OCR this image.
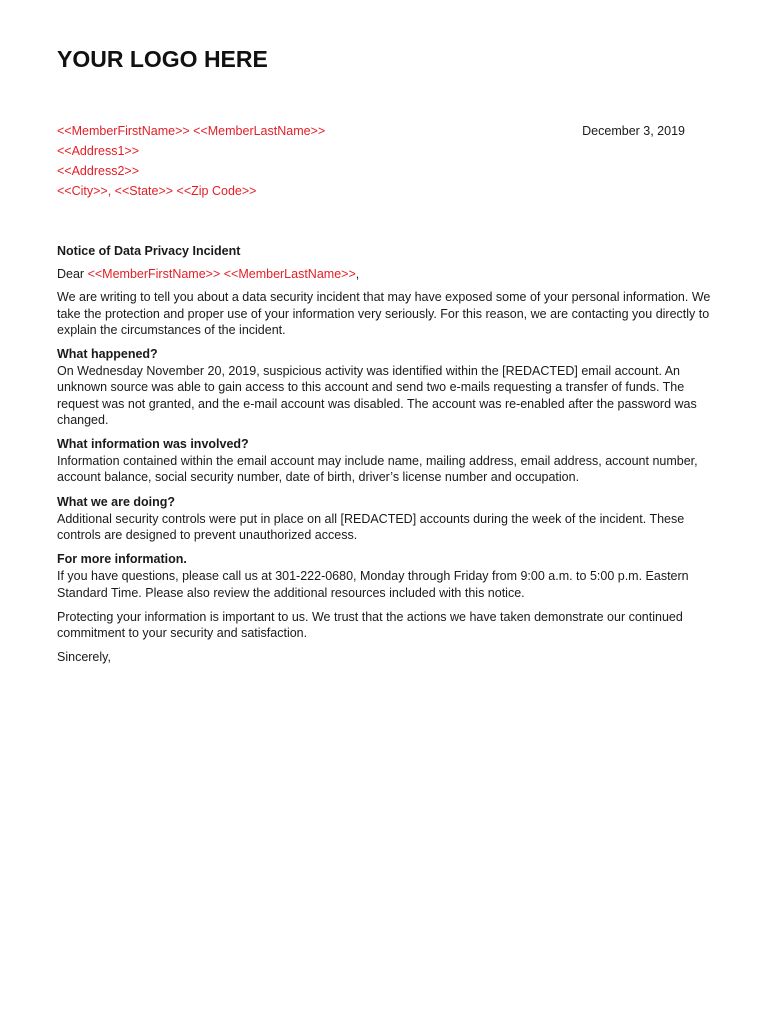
YOUR LOGO HERE
<<MemberFirstName>> <<MemberLastName>>
<<Address1>>
<<Address2>>
<<City>>, <<State>> <<Zip Code>>
December 3, 2019
Notice of Data Privacy Incident
Dear <<MemberFirstName>> <<MemberLastName>>,

We are writing to tell you about a data security incident that may have exposed some of your personal information. We take the protection and proper use of your information very seriously. For this reason, we are contacting you directly to explain the circumstances of the incident.

What happened?
On Wednesday November 20, 2019, suspicious activity was identified within the [REDACTED] email account. An unknown source was able to gain access to this account and send two e-mails requesting a transfer of funds. The request was not granted, and the e-mail account was disabled. The account was re-enabled after the password was changed.
What information was involved?
Information contained within the email account may include name, mailing address, email address, account number, account balance, social security number, date of birth, driver’s license number and occupation.
What we are doing?
Additional security controls were put in place on all [REDACTED] accounts during the week of the incident. These controls are designed to prevent unauthorized access.
For more information.
If you have questions, please call us at 301-222-0680, Monday through Friday from 9:00 a.m. to 5:00 p.m. Eastern Standard Time. Please also review the additional resources included with this notice.

Protecting your information is important to us. We trust that the actions we have taken demonstrate our continued commitment to your security and satisfaction.

Sincerely,
